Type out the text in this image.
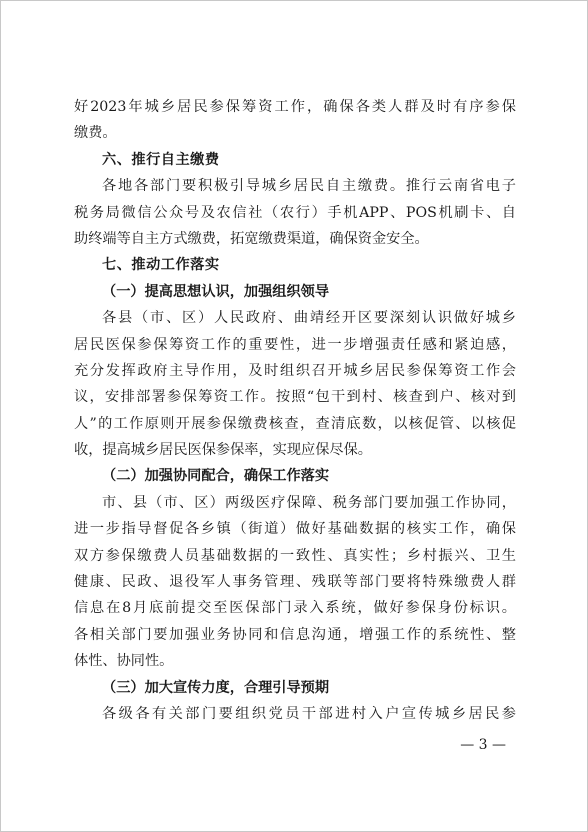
好2023年城乡居民参保筹资工作，确保各类人群及时有序参保
缴费。
六、推行自主缴费
各地各部门要积极引导城乡居民自主缴费。推行云南省电子
税务局微信公众号及农信社（农行）手机APP、POS机刷卡、自
助终端等自主方式缴费，拓宽缴费渠道，确保资金安全。
七、推动工作落实
（一）提高思想认识，加强组织领导
各县（市、区）人民政府、曲靖经开区要深刻认识做好城乡
居民医保参保筹资工作的重要性，进一步增强责任感和紧迫感，
充分发挥政府主导作用，及时组织召开城乡居民参保筹资工作会
议，安排部署参保筹资工作。按照“包干到村、核查到户、核对到
人”的工作原则开展参保缴费核查，查清底数，以核促管、以核促
收，提高城乡居民医保参保率，实现应保尽保。
（二）加强协同配合，确保工作落实
市、县（市、区）两级医疗保障、税务部门要加强工作协同，
进一步指导督促各乡镇（街道）做好基础数据的核实工作，确保
双方参保缴费人员基础数据的一致性、真实性；乡村振兴、卫生
健康、民政、退役军人事务管理、残联等部门要将特殊缴费人群
信息在8月底前提交至医保部门录入系统，做好参保身份标识。
各相关部门要加强业务协同和信息沟通，增强工作的系统性、整
体性、协同性。
（三）加大宣传力度，合理引导预期
各级各有关部门要组织党员干部进村入户宣传城乡居民参
— 3 —
